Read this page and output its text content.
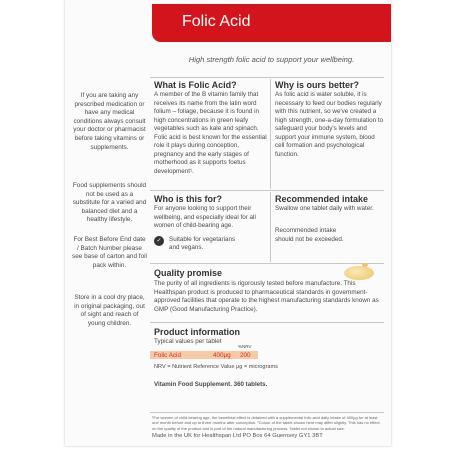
Folic Acid
High strength folic acid to support your wellbeing.
If you are taking any prescribed medication or have any medical conditions always consult your doctor or pharmacist before taking vitamins or supplements.
Food supplements should not be used as a substitute for a varied and balanced diet and a healthy lifestyle.
For Best Before End date / Batch Number please see base of carton and foil pack within.
Store in a cool dry place, in original packaging, out of sight and reach of young children.
What is Folic Acid?
A member of the B vitamin family that receives its name from the latin word folium – foliage, because it is found in high concentrations in green leafy vegetables such as kale and spinach. Folic acid is best known for the essential role it plays during conception, pregnancy and the early stages of motherhood as it supports foetus development¹.
Why is ours better?
As folic acid is water soluble, it is necessary to feed our bodies regularly with this nutrient, so we've created a high strength, one-a-day formulation to safeguard your body's levels and support your immune system, blood cell formation and psychological function.
Who is this for?
For anyone looking to support their wellbeing, and especially ideal for all women of child-bearing age.
✓	Suitable for vegetarians and vegans.
Recommended intake
Swallow one tablet daily with water.
Recommended intake should not be exceeded.
Quality promise
The purity of all ingredients is rigorously tested before manufacture. This Healthspan product is produced to pharmaceutical standards in government-approved facilities that operate to the highest manufacturing standards known as GMP (Good Manufacturing Practice).
Product information
Typical values per tablet
%NRV
Folic Acid	400μg 200
NRV = Nutrient Reference Value μg = micrograms
Vitamin Food Supplement. 360 tablets.
¹For women of child-bearing age, the beneficial effect is obtained with a supplemental folic acid daily intake of 400μg for at least one month before and up to three months after conception. ²Colour of the tablet shown here may differ slightly. This has no effect on the quality of the product and is part of the natural manufacturing process. Tablet not shown to actual size.
Made in the UK for Healthspan Ltd PO Box 64 Guernsey GY1 3BT
